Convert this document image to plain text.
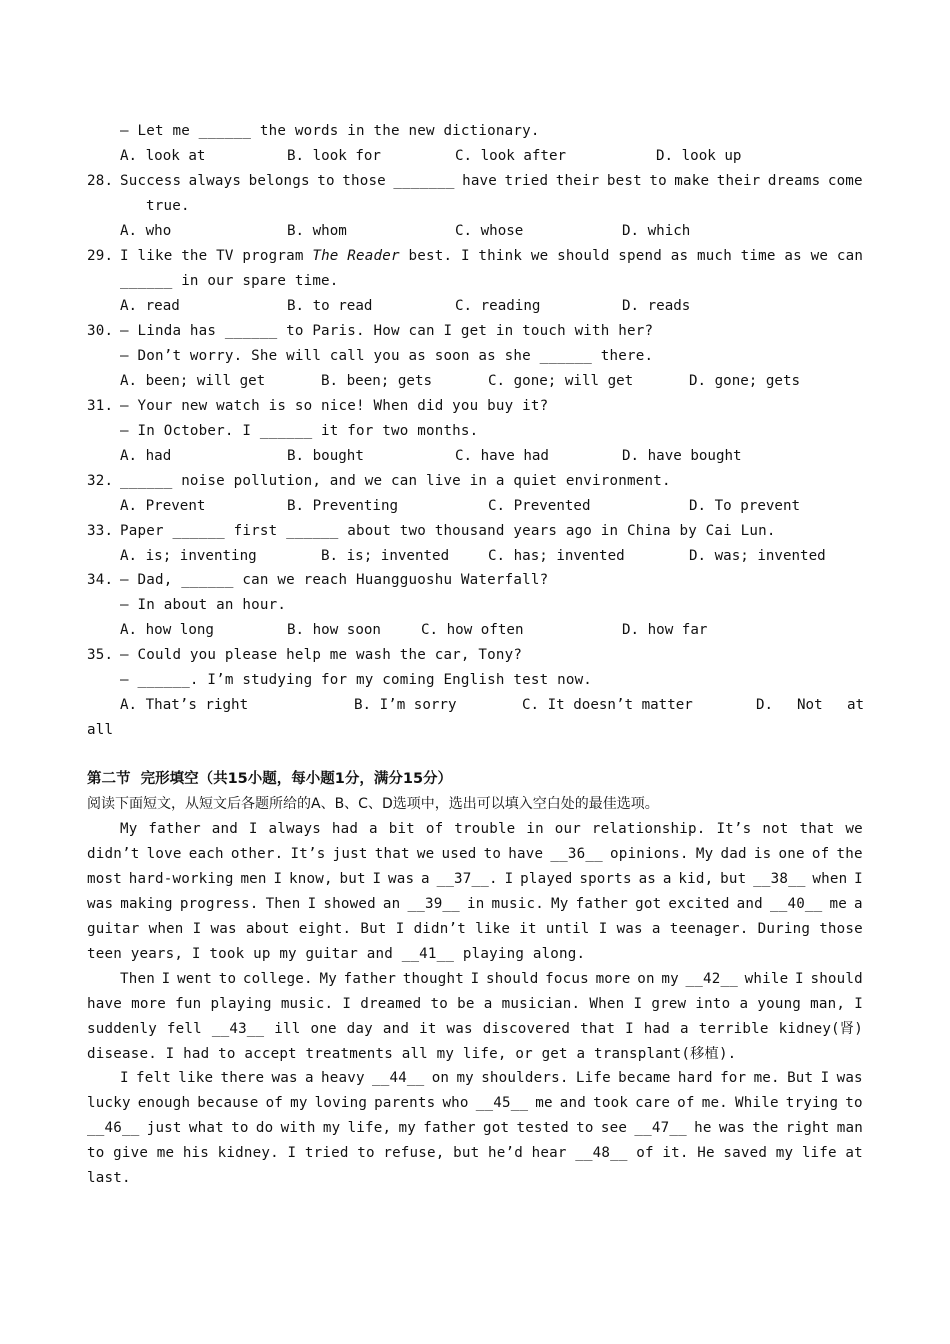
— Let me ______ the words in the new dictionary.
A. look at	B. look for	C. look after	D. look up
28. Success always belongs to those _______ have tried their best to make their dreams come
true.
A. who	B. whom	C. whose	D. which
29. I like the TV program The Reader best. I think we should spend as much time as we can
______ in our spare time.
A. read	B. to read	C. reading	D. reads
30. — Linda has ______ to Paris. How can I get in touch with her?
— Don’t worry. She will call you as soon as she ______ there.
A. been; will get	B. been; gets	C. gone; will get	D. gone; gets
31. — Your new watch is so nice! When did you buy it?
— In October. I ______ it for two months.
A. had	B. bought	C. have had	D. have bought
32. ______ noise pollution, and we can live in a quiet environment.
A. Prevent	B. Preventing	C. Prevented	D. To prevent
33. Paper ______ first ______ about two thousand years ago in China by Cai Lun.
A. is; inventing	B. is; invented	C. has; invented	D. was; invented
34. — Dad, ______ can we reach Huangguoshu Waterfall?
— In about an hour.
A. how long	B. how soon	C. how often	D. how far
35. — Could you please help me wash the car, Tony?
— ______. I’m studying for my coming English test now.
A. That’s right	B. I’m sorry	C. It doesn’t matter	D. Not at
all
第二节  完形填空（共15小题，每小题1分，满分15分）
阅读下面短文，从短文后各题所给的A、B、C、D选项中，选出可以填入空白处的最佳选项。
My father and I always had a bit of trouble in our relationship. It’s not that we
didn’t love each other. It’s just that we used to have __36__ opinions. My dad is one of the
most hard-working men I know, but I was a __37__. I played sports as a kid, but __38__ when I
was making progress. Then I showed an __39__ in music. My father got excited and __40__ me a
guitar when I was about eight. But I didn’t like it until I was a teenager. During those
teen years, I took up my guitar and __41__ playing along.
Then I went to college. My father thought I should focus more on my __42__ while I should
have more fun playing music. I dreamed to be a musician. When I grew into a young man, I
suddenly fell __43__ ill one day and it was discovered that I had a terrible kidney(肾)
disease. I had to accept treatments all my life, or get a transplant(移植).
I felt like there was a heavy __44__ on my shoulders. Life became hard for me. But I was
lucky enough because of my loving parents who __45__ me and took care of me. While trying to
__46__ just what to do with my life, my father got tested to see __47__ he was the right man
to give me his kidney. I tried to refuse, but he’d hear __48__ of it. He saved my life at
last.
